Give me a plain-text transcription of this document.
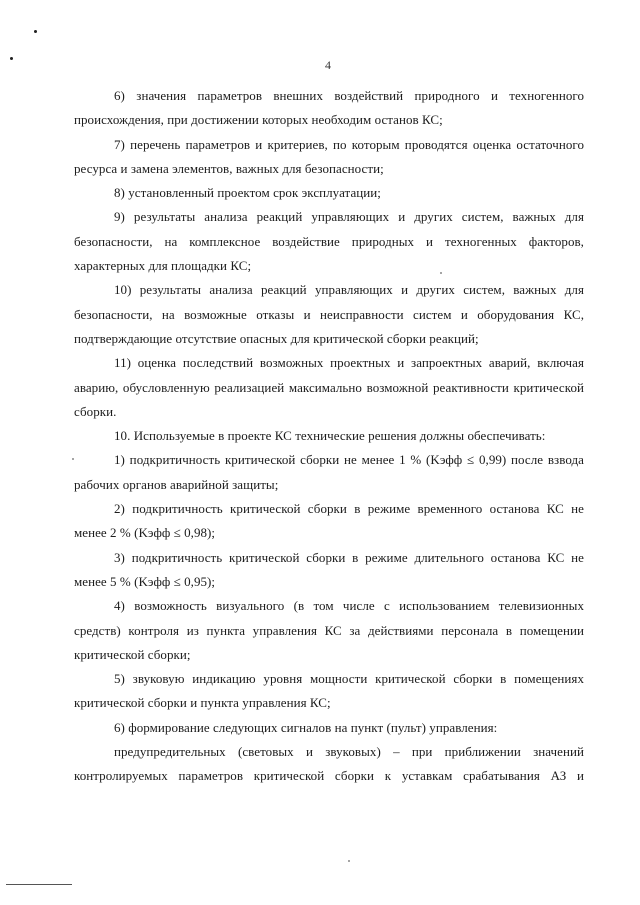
4

6) значения параметров внешних воздействий природного и техногенного происхождения, при достижении которых необходим останов КС;

7) перечень параметров и критериев, по которым проводятся оценка остаточного ресурса и замена элементов, важных для безопасности;

8) установленный проектом срок эксплуатации;

9) результаты анализа реакций управляющих и других систем, важных для безопасности, на комплексное воздействие природных и техногенных факторов, характерных для площадки КС;

10) результаты анализа реакций управляющих и других систем, важных для безопасности, на возможные отказы и неисправности систем и оборудования КС, подтверждающие отсутствие опасных для критической сборки реакций;

11) оценка последствий возможных проектных и запроектных аварий, включая аварию, обусловленную реализацией максимально возможной реактивности критической сборки.

10. Используемые в проекте КС технические решения должны обеспечивать:

1) подкритичность критической сборки не менее 1 % (Kэфф ≤ 0,99) после взвода рабочих органов аварийной защиты;

2) подкритичность критической сборки в режиме временного останова КС не менее 2 % (Kэфф ≤ 0,98);

3) подкритичность критической сборки в режиме длительного останова КС не менее 5 % (Kэфф ≤ 0,95);

4) возможность визуального (в том числе с использованием телевизионных средств) контроля из пункта управления КС за действиями персонала в помещении критической сборки;

5) звуковую индикацию уровня мощности критической сборки в помещениях критической сборки и пункта управления КС;

6) формирование следующих сигналов на пункт (пульт) управления:

предупредительных (световых и звуковых) – при приближении значений контролируемых параметров критической сборки к уставкам срабатывания АЗ и
